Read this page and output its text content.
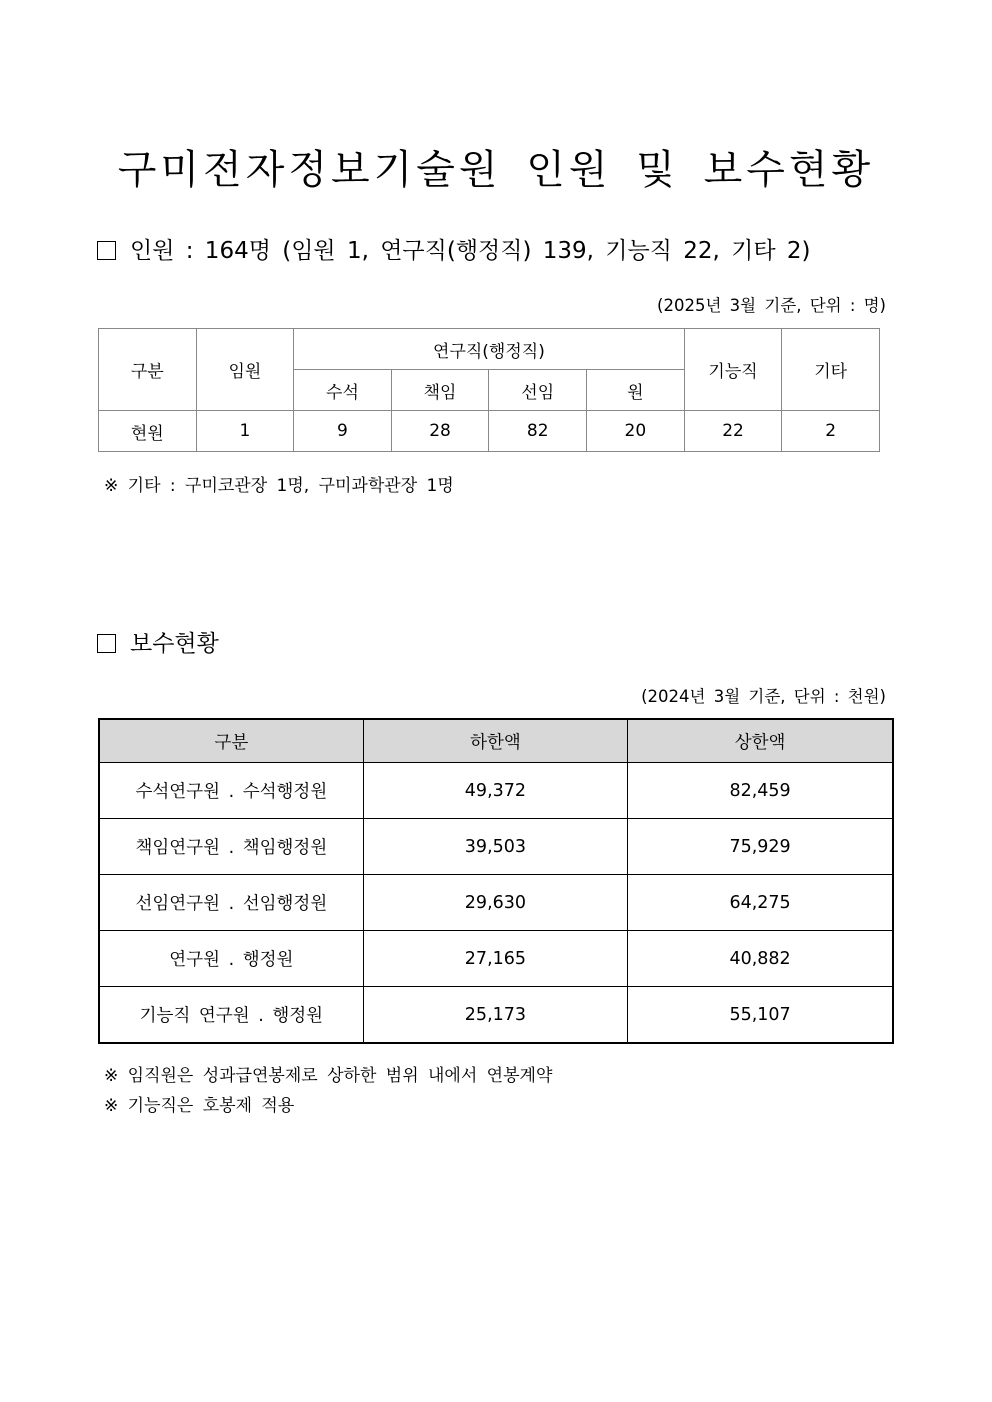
구미전자정보기술원 인원 및 보수현황
인원 : 164명 (임원 1, 연구직(행정직) 139, 기능직 22, 기타 2)
(2025년 3월 기준, 단위 : 명)
구분	임원	연구직(행정직)				기능직	기타
		수석	책임	선임	원		
현원	1	9	28	82	20	22	2
※ 기타 : 구미코관장 1명, 구미과학관장 1명
보수현황
(2024년 3월 기준, 단위 : 천원)
구분	하한액	상한액
수석연구원 . 수석행정원	49,372	82,459
책임연구원 . 책임행정원	39,503	75,929
선임연구원 . 선임행정원	29,630	64,275
연구원 . 행정원	27,165	40,882
기능직 연구원 . 행정원	25,173	55,107
※ 임직원은 성과급연봉제로 상하한 범위 내에서 연봉계약
※ 기능직은 호봉제 적용
